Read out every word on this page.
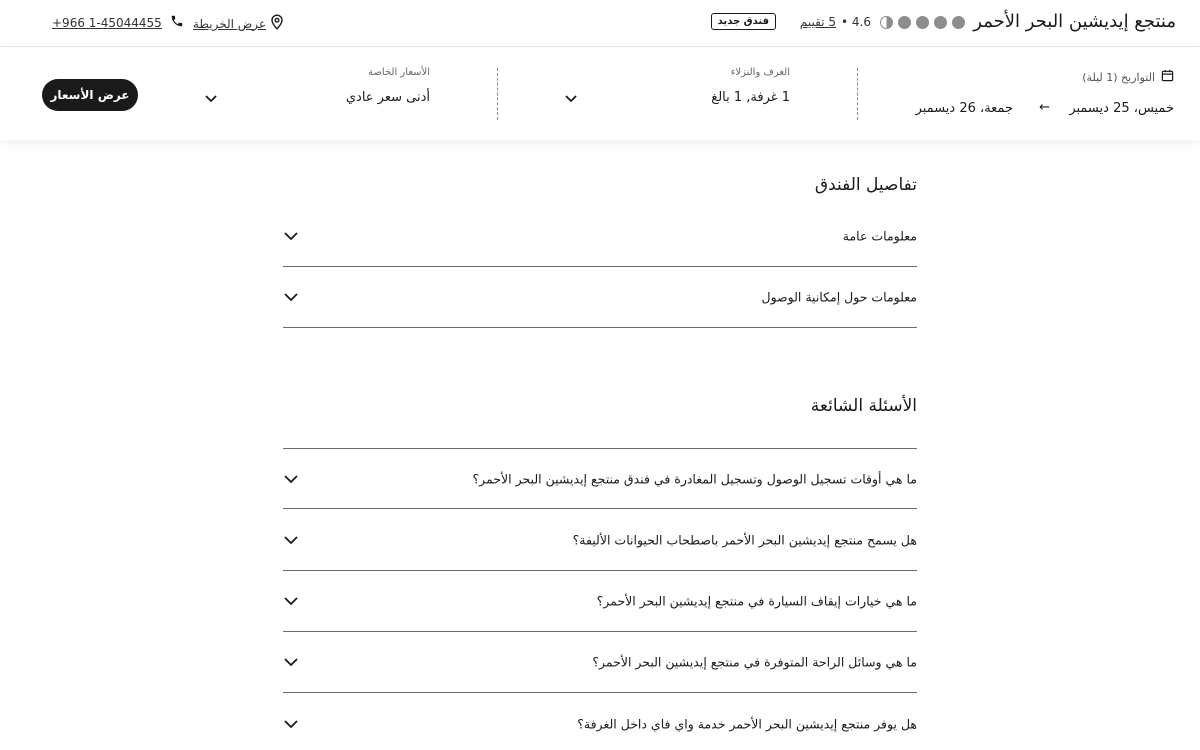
منتجع إيديشين البحر الأحمر
4.6 •
5 تقييم
فندق جديد
عرض الخريطة
+966 1-45044455
التواريخ (1 ليلة)
خميس، 25 ديسمبر
←
جمعة، 26 ديسمبر
الغرف والنزلاء
1 غرفة, 1 بالغ
الأسعار الخاصة
أدنى سعر عادي
عرض الأسعار
تفاصيل الفندق
معلومات عامة
معلومات حول إمكانية الوصول
الأسئلة الشائعة
ما هي أوقات تسجيل الوصول وتسجيل المغادرة في فندق منتجع إيديشين البحر الأحمر؟
هل يسمح منتجع إيديشين البحر الأحمر باصطحاب الحيوانات الأليفة؟
ما هي خيارات إيقاف السيارة في منتجع إيديشين البحر الأحمر؟
ما هي وسائل الراحة المتوفرة في منتجع إيديشين البحر الأحمر؟
هل يوفر منتجع إيديشين البحر الأحمر خدمة واي فاي داخل الغرفة؟
